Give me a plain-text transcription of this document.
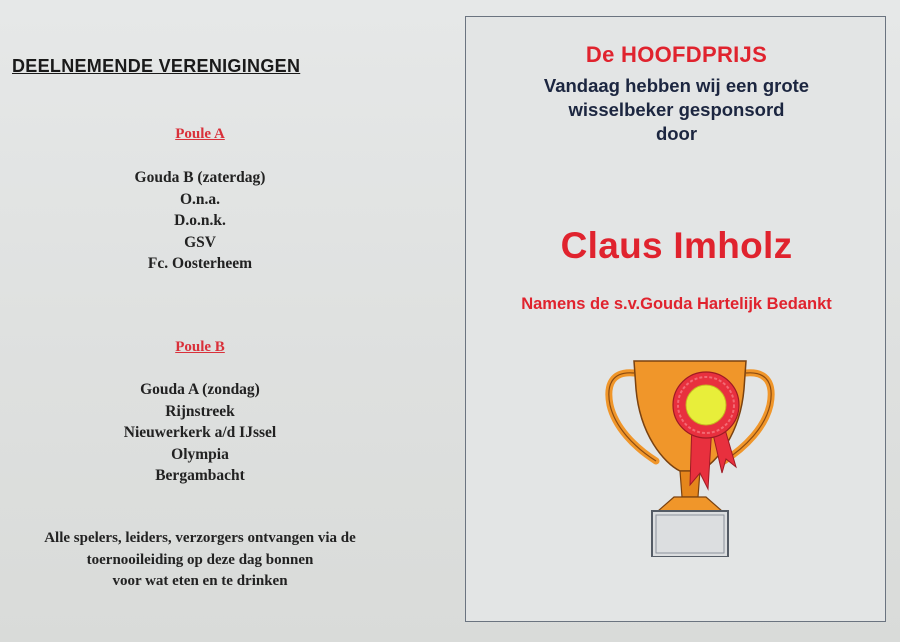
DEELNEMENDE VERENIGINGEN
Poule A
Gouda B (zaterdag)
O.n.a.
D.o.n.k.
GSV
Fc. Oosterheem
Poule B
Gouda A (zondag)
Rijnstreek
Nieuwerkerk a/d IJssel
Olympia
Bergambacht
Alle spelers, leiders, verzorgers ontvangen via de
toernooileiding op deze dag bonnen
voor wat eten en te drinken
De HOOFDPRIJS
Vandaag hebben wij een grote
wisselbeker gesponsord
door
Claus Imholz
Namens de s.v.Gouda Hartelijk Bedankt
